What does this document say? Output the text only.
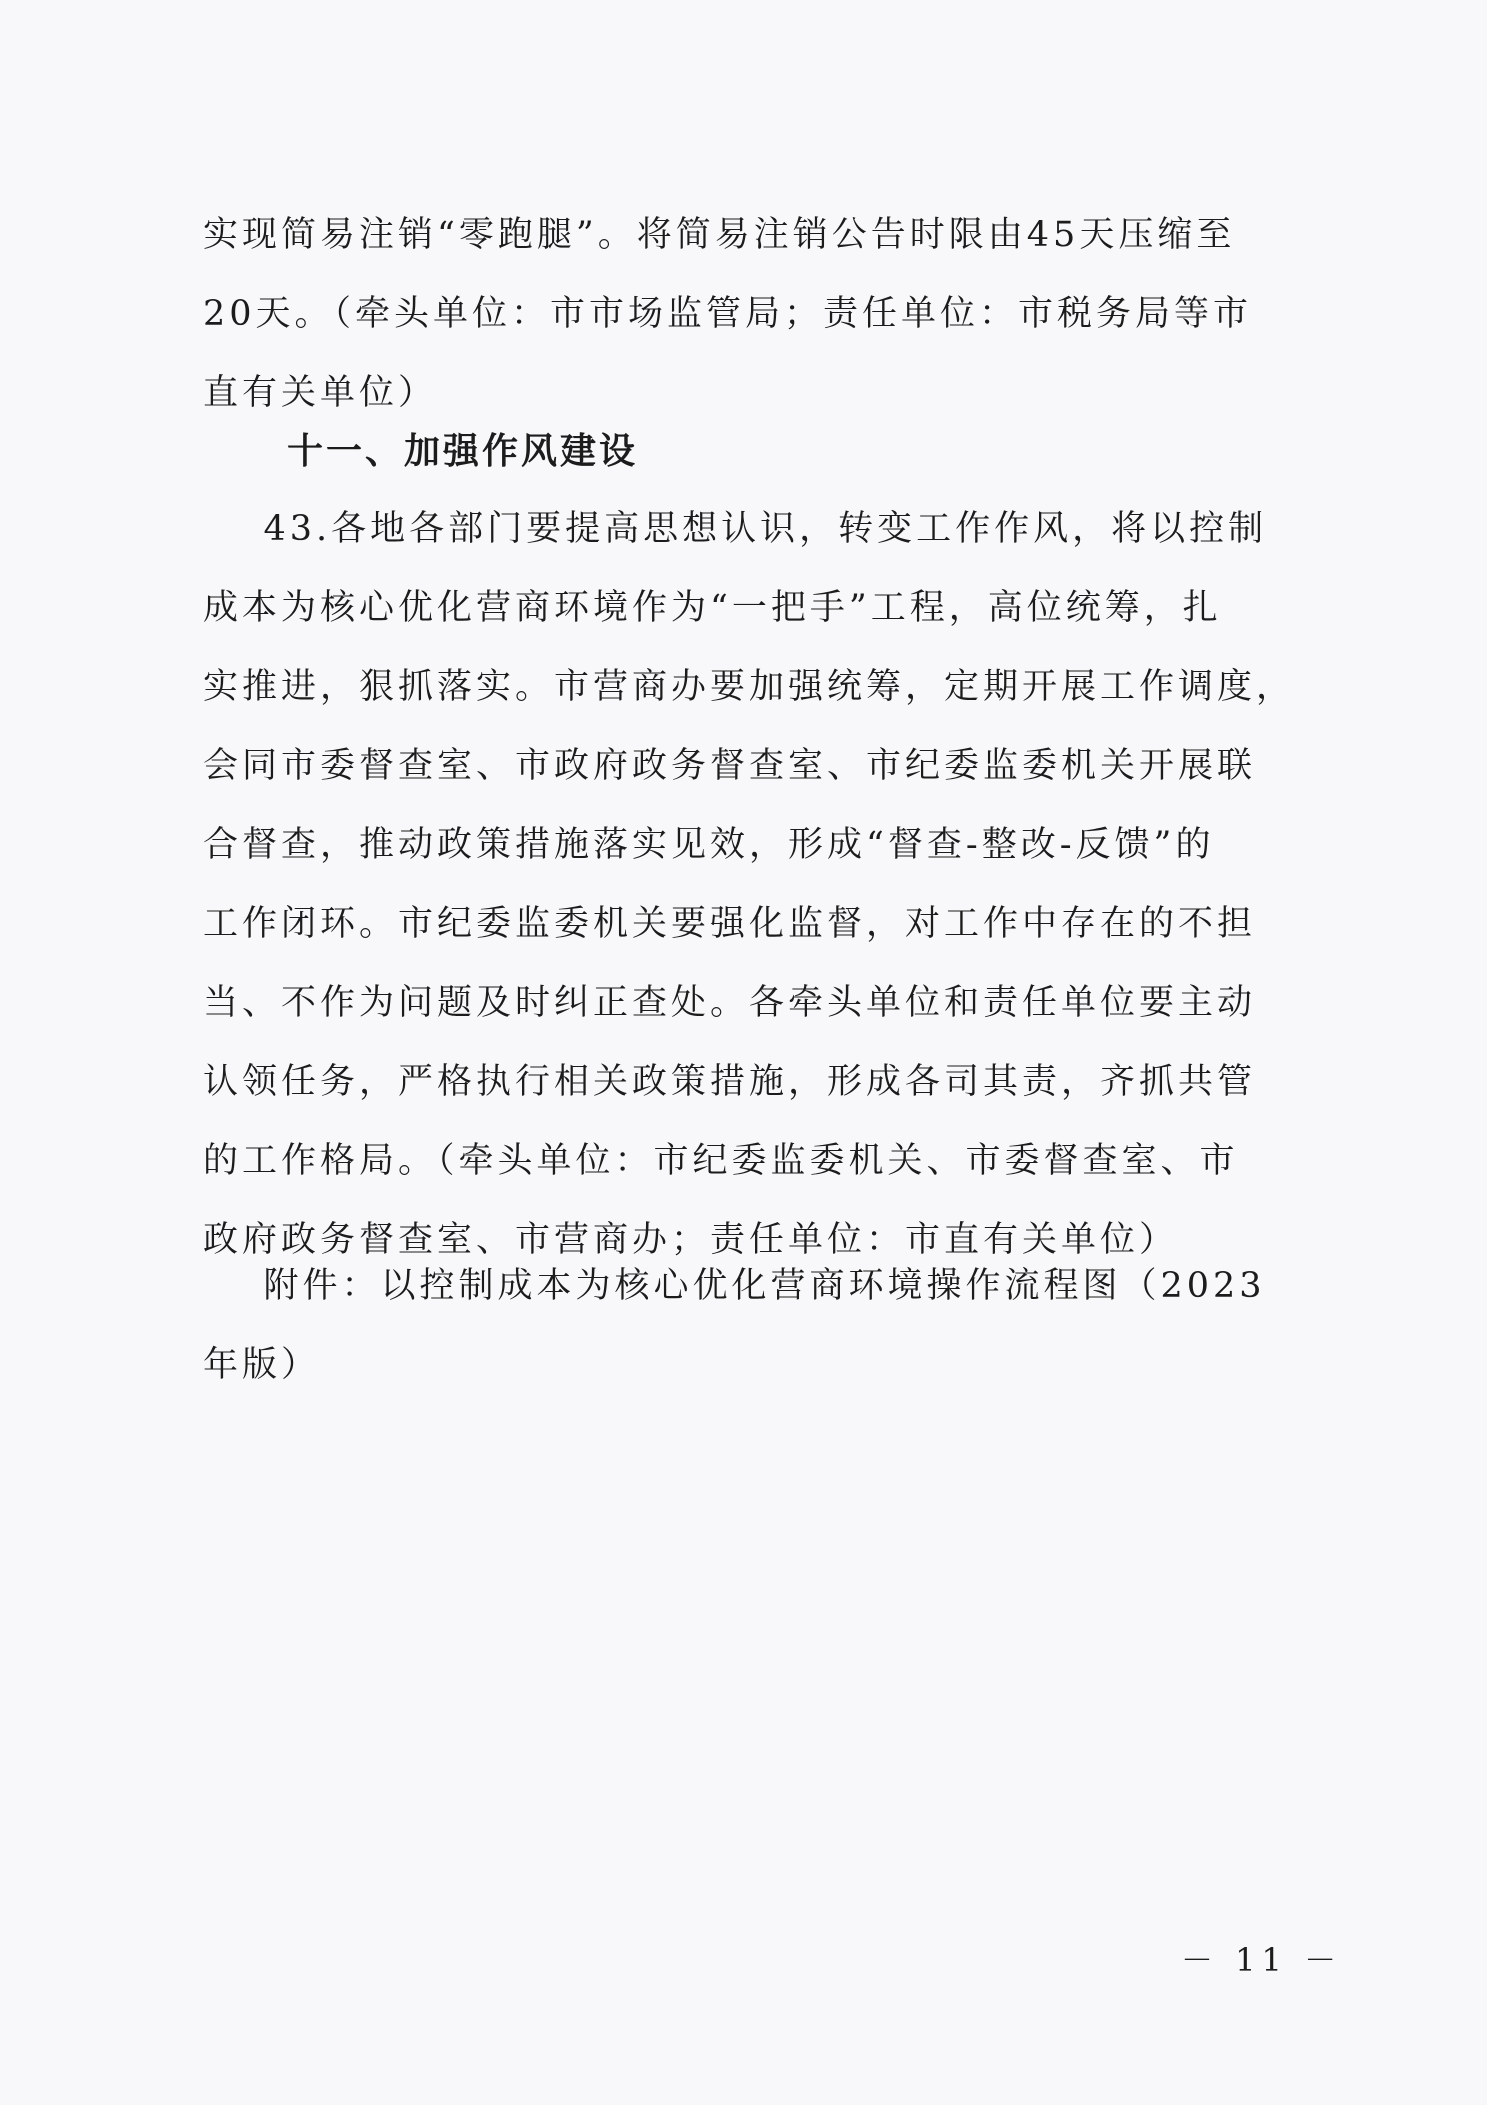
实现简易注销“零跑腿”。将简易注销公告时限由45天压缩至
20天。（牵头单位：市市场监管局；责任单位：市税务局等市
直有关单位）
十一、加强作风建设
43.各地各部门要提高思想认识，转变工作作风，将以控制
成本为核心优化营商环境作为“一把手”工程，高位统筹，扎
实推进，狠抓落实。市营商办要加强统筹，定期开展工作调度，
会同市委督查室、市政府政务督查室、市纪委监委机关开展联
合督查，推动政策措施落实见效，形成“督查-整改-反馈”的
工作闭环。市纪委监委机关要强化监督，对工作中存在的不担
当、不作为问题及时纠正查处。各牵头单位和责任单位要主动
认领任务，严格执行相关政策措施，形成各司其责，齐抓共管
的工作格局。（牵头单位：市纪委监委机关、市委督查室、市
政府政务督查室、市营商办；责任单位：市直有关单位）
附件：以控制成本为核心优化营商环境操作流程图（2023
年版）
－ 11 －
